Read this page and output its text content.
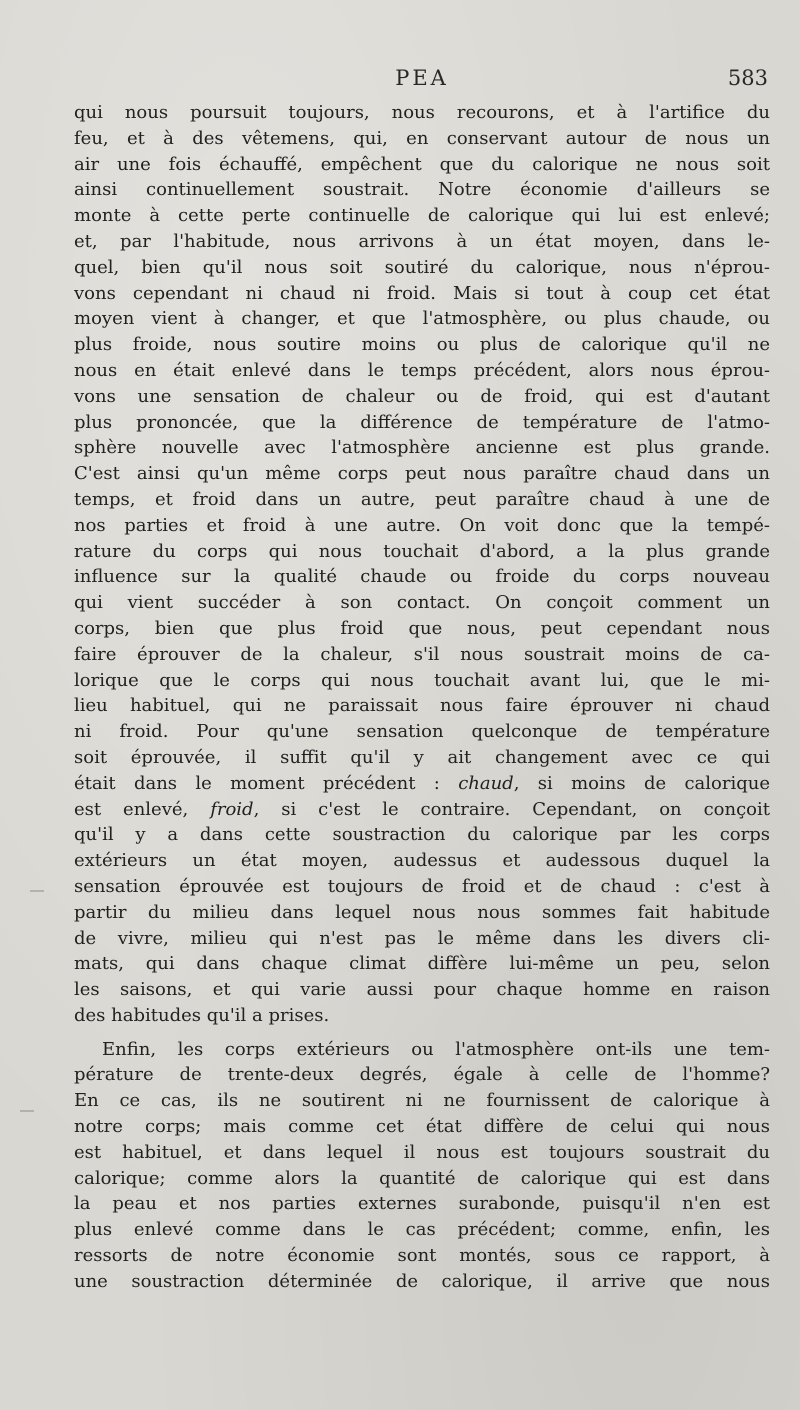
PEA	583
qui nous poursuit toujours, nous recourons, et à l'artifice du
feu, et à des vêtemens, qui, en conservant autour de nous un
air une fois échauffé, empêchent que du calorique ne nous soit
ainsi continuellement soustrait. Notre économie d'ailleurs se
monte à cette perte continuelle de calorique qui lui est enlevé;
et, par l'habitude, nous arrivons à un état moyen, dans le-
quel, bien qu'il nous soit soutiré du calorique, nous n'éprou-
vons cependant ni chaud ni froid. Mais si tout à coup cet état
moyen vient à changer, et que l'atmosphère, ou plus chaude, ou
plus froide, nous soutire moins ou plus de calorique qu'il ne
nous en était enlevé dans le temps précédent, alors nous éprou-
vons une sensation de chaleur ou de froid, qui est d'autant
plus prononcée, que la différence de température de l'atmo-
sphère nouvelle avec l'atmosphère ancienne est plus grande.
C'est ainsi qu'un même corps peut nous paraître chaud dans un
temps, et froid dans un autre, peut paraître chaud à une de
nos parties et froid à une autre. On voit donc que la tempé-
rature du corps qui nous touchait d'abord, a la plus grande
influence sur la qualité chaude ou froide du corps nouveau
qui vient succéder à son contact. On conçoit comment un
corps, bien que plus froid que nous, peut cependant nous
faire éprouver de la chaleur, s'il nous soustrait moins de ca-
lorique que le corps qui nous touchait avant lui, que le mi-
lieu habituel, qui ne paraissait nous faire éprouver ni chaud
ni froid. Pour qu'une sensation quelconque de température
soit éprouvée, il suffit qu'il y ait changement avec ce qui
était dans le moment précédent : chaud, si moins de calorique
est enlevé, froid, si c'est le contraire. Cependant, on conçoit
qu'il y a dans cette soustraction du calorique par les corps
extérieurs un état moyen, audessus et audessous duquel la
sensation éprouvée est toujours de froid et de chaud : c'est à
partir du milieu dans lequel nous nous sommes fait habitude
de vivre, milieu qui n'est pas le même dans les divers cli-
mats, qui dans chaque climat diffère lui-même un peu, selon
les saisons, et qui varie aussi pour chaque homme en raison
des habitudes qu'il a prises.
Enfin, les corps extérieurs ou l'atmosphère ont-ils une tem-
pérature de trente-deux degrés, égale à celle de l'homme?
En ce cas, ils ne soutirent ni ne fournissent de calorique à
notre corps; mais comme cet état diffère de celui qui nous
est habituel, et dans lequel il nous est toujours soustrait du
calorique; comme alors la quantité de calorique qui est dans
la peau et nos parties externes surabonde, puisqu'il n'en est
plus enlevé comme dans le cas précédent; comme, enfin, les
ressorts de notre économie sont montés, sous ce rapport, à
une soustraction déterminée de calorique, il arrive que nous
